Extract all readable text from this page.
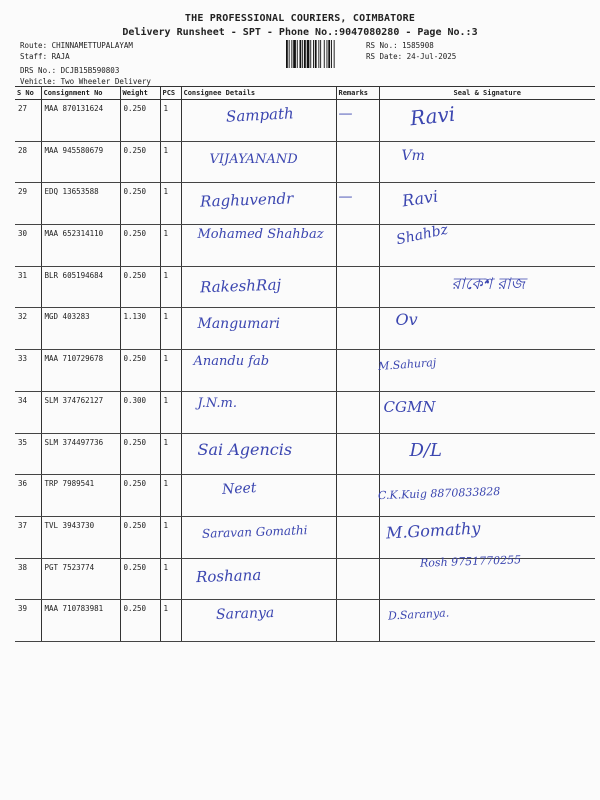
THE PROFESSIONAL COURIERS, COIMBATORE
Delivery Runsheet - SPT - Phone No.:9047080280 - Page No.:3
Route: CHINNAMETTUPALAYAM
Staff: RAJA
DRS No.: DCJB15B590803
Vehicle: Two Wheeler Delivery
RS No.: 1585908
RS Date: 24-Jul-2025
S No	Consignment No	Weight	PCS	Consignee Details	Remarks	Seal & Signature
27	MAA 870131624	0.250	1	Sampath	—	Ravi

28	MAA 945580679	0.250	1	VIJAYANAND		Vm

29	EDQ 13653588	0.250	1	Raghuvendr	—	Ravi

30	MAA 652314110	0.250	1	Mohamed Shahbaz		Shahbz

31	BLR 605194684	0.250	1	RakeshRaj		রাকেশ রাজ

32	MGD 403283	1.130	1	Mangumari		Ov

33	MAA 710729678	0.250	1	Anandu fab		M.Sahuraj

34	SLM 374762127	0.300	1	J.N.m.		CGMN

35	SLM 374497736	0.250	1	Sai Agencis		D/L

36	TRP 7989541	0.250	1	Neet		C.K.Kuig 8870833828

37	TVL 3943730	0.250	1	Saravan Gomathi		M.Gomathy

38	PGT 7523774	0.250	1	Roshana		Rosh 9751770255

39	MAA 710783981	0.250	1	Saranya		D.Saranya.
